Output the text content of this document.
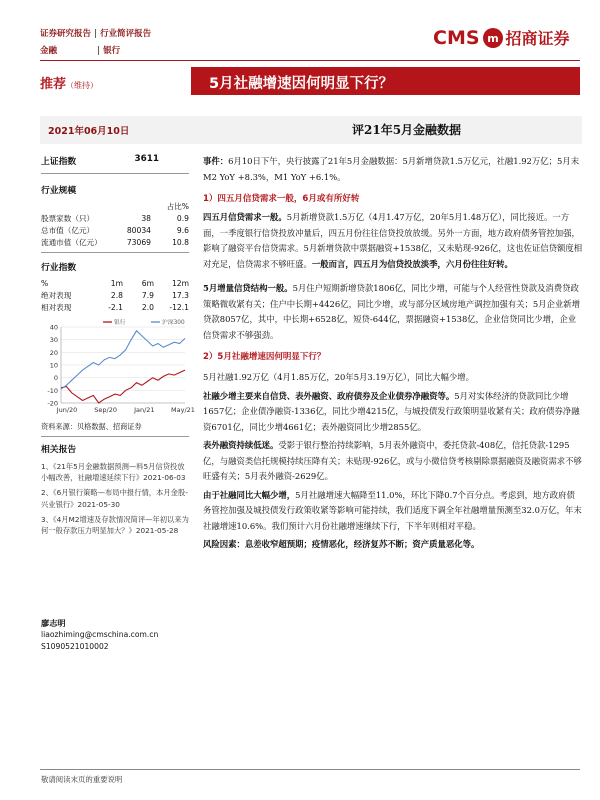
证券研究报告 | 行业简评报告
金融	| 银行
CMS m 招商证券
推荐（维持）	5月社融增速因何明显下行？
2021年06月10日	评21年5月金融数据
上证指数	3611
行业规模
		占比%
股票家数（只）	38	0.9
总市值（亿元）	80034	9.6
流通市值（亿元）	73069	10.8
行业指数
%	1m	6m	12m
绝对表现	2.8	7.9	17.3
相对表现	-2.1	2.0	-12.1
40
30
20
10
0
-10
-20
Jun/20	Sep/20	Jan/21	May/21
银行	沪深300
资料来源：贝格数据、招商证券
相关报告
1、《21年5月金融数据预测—料5月信贷投放小幅改善，社融增速延续下行》2021-06-03
2、《6月银行策略—布局中报行情，本月金股-兴业银行》2021-05-30
3、《4月M2增速及存款情况简评—年初以来为何一般存款压力明显加大？》2021-05-28
廖志明
liaozhiming@cmschina.com.cn
S1090521010002
事件：6月10日下午，央行披露了21年5月金融数据：5月新增贷款1.5万亿元，社融1.92万亿；5月末M2 YoY +8.3%，M1 YoY +6.1%。
1）四五月信贷需求一般，6月或有所好转
四五月信贷需求一般。5月新增贷款1.5万亿（4月1.47万亿，20年5月1.48万亿），同比接近。一方面，一季度银行信贷投放冲量后，四五月份往往信贷投放放缓。另外一方面，地方政府债务管控加强，影响了融资平台信贷需求。5月新增贷款中票据融资+1538亿，又未贴现-926亿，这也佐证信贷额度相对充足，信贷需求不够旺盛。一般而言，四五月为信贷投放淡季，六月份往往好转。
5月增量信贷结构一般。5月住户短期新增贷款1806亿，同比少增，可能与个人经营性贷款及消费贷政策略微收紧有关；住户中长期+4426亿，同比少增，或与部分区域房地产调控加强有关；5月企业新增贷款8057亿，其中，中长期+6528亿，短贷-644亿，票据融资+1538亿，企业信贷同比少增，企业信贷需求不够强劲。
2）5月社融增速因何明显下行？
5月社融1.92万亿（4月1.85万亿，20年5月3.19万亿），同比大幅少增。
社融少增主要来自信贷、表外融资、政府债券及企业债券净融资等。5月对实体经济的贷款同比少增1657亿；企业债净融资-1336亿，同比少增4215亿，与城投债发行政策明显收紧有关；政府债券净融资6701亿，同比少增4661亿；表外融资同比少增2855亿。
表外融资持续低迷。受影于银行整治持续影响，5月表外融资中，委托贷款-408亿，信托贷款-1295亿，与融资类信托规模持续压降有关；未贴现-926亿，或与小微信贷考核剔除票据融资及融资需求不够旺盛有关；5月表外融资-2629亿。
由于社融同比大幅少增，5月社融增速大幅降至11.0%，环比下降0.7个百分点。考虑到，地方政府债务管控加强及城投债发行政策收紧等影响可能持续，我们适度下调全年社融增量预测至32.0万亿，年末社融增速10.6%。我们预计六月份社融增速继续下行，下半年则相对平稳。
风险因素：息差收窄超预期；疫情恶化，经济复苏不断；资产质量恶化等。
敬请阅读末页的重要说明
